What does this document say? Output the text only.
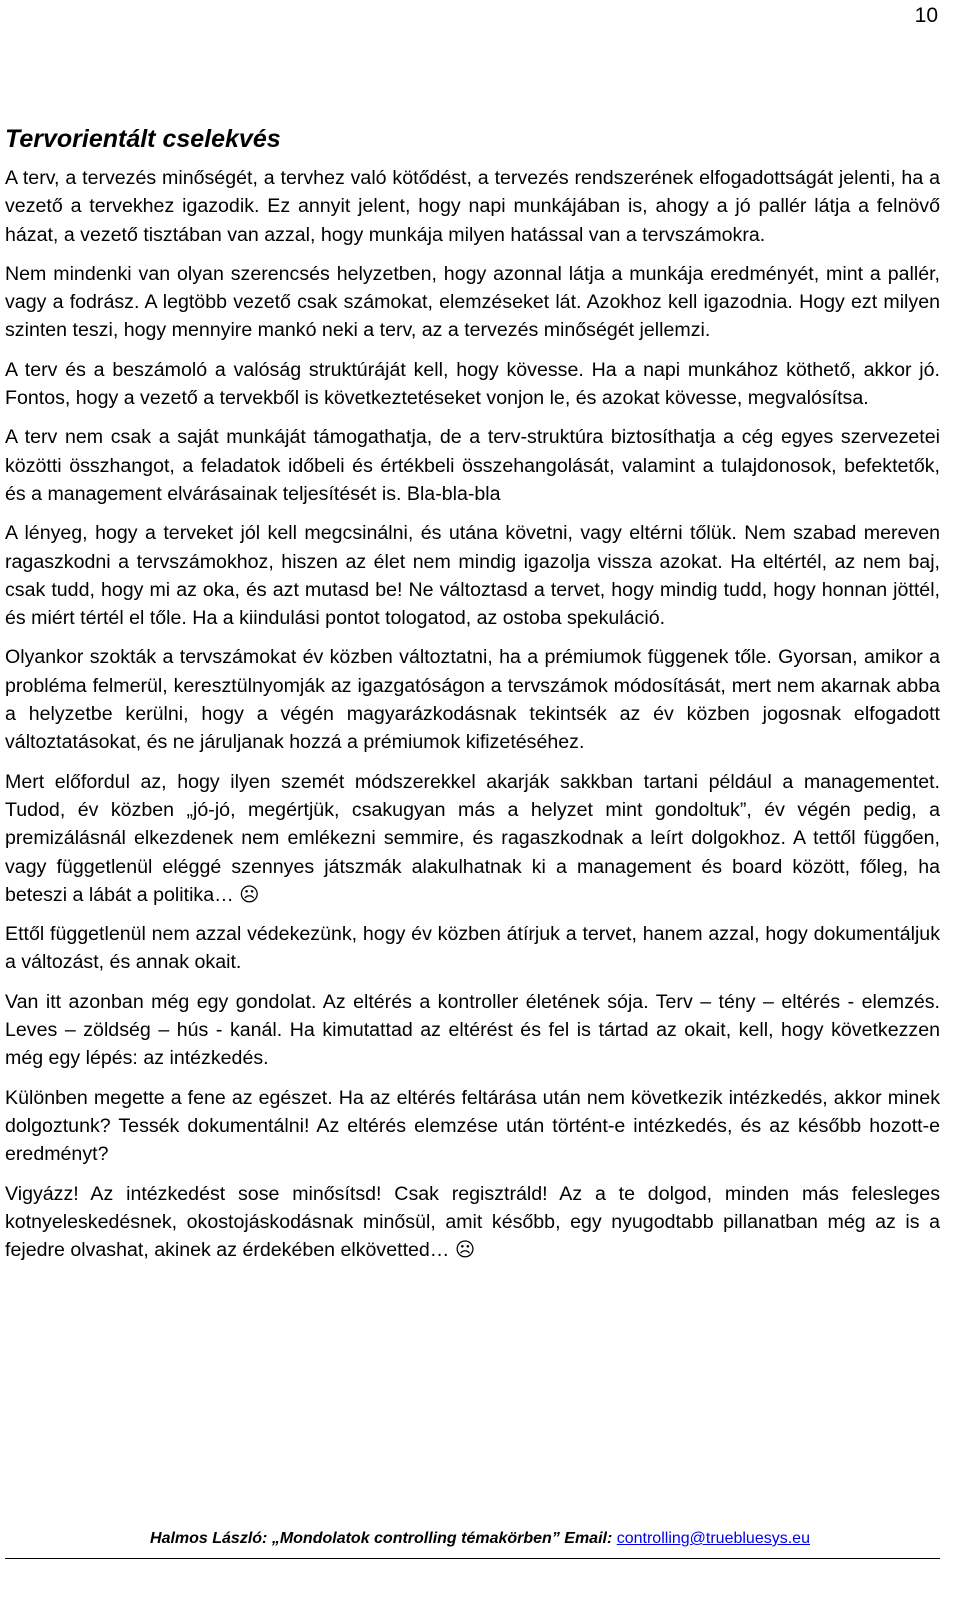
10
Tervorientált cselekvés

A terv, a tervezés minőségét, a tervhez való kötődést, a tervezés rendszerének elfogadottságát jelenti, ha a vezető a tervekhez igazodik. Ez annyit jelent, hogy napi munkájában is, ahogy a jó pallér látja a felnövő házat, a vezető tisztában van azzal, hogy munkája milyen hatással van a tervszámokra.

Nem mindenki van olyan szerencsés helyzetben, hogy azonnal látja a munkája eredményét, mint a pallér, vagy a fodrász. A legtöbb vezető csak számokat, elemzéseket lát. Azokhoz kell igazodnia. Hogy ezt milyen szinten teszi, hogy mennyire mankó neki a terv, az a tervezés minőségét jellemzi.

A terv és a beszámoló a valóság struktúráját kell, hogy kövesse. Ha a napi munkához köthető, akkor jó. Fontos, hogy a vezető a tervekből is következtetéseket vonjon le, és azokat kövesse, megvalósítsa.

A terv nem csak a saját munkáját támogathatja, de a terv-struktúra biztosíthatja a cég egyes szervezetei közötti összhangot, a feladatok időbeli és értékbeli összehangolását, valamint a tulajdonosok, befektetők, és a management elvárásainak teljesítését is. Bla-bla-bla

A lényeg, hogy a terveket jól kell megcsinálni, és utána követni, vagy eltérni tőlük. Nem szabad mereven ragaszkodni a tervszámokhoz, hiszen az élet nem mindig igazolja vissza azokat. Ha eltértél, az nem baj, csak tudd, hogy mi az oka, és azt mutasd be! Ne változtasd a tervet, hogy mindig tudd, hogy honnan jöttél, és miért tértél el tőle. Ha a kiindulási pontot tologatod, az ostoba spekuláció.

Olyankor szokták a tervszámokat év közben változtatni, ha a prémiumok függenek tőle. Gyorsan, amikor a probléma felmerül, keresztülnyomják az igazgatóságon a tervszámok módosítását, mert nem akarnak abba a helyzetbe kerülni, hogy a végén magyarázkodásnak tekintsék az év közben jogosnak elfogadott változtatásokat, és ne járuljanak hozzá a prémiumok kifizetéséhez.

Mert előfordul az, hogy ilyen szemét módszerekkel akarják sakkban tartani például a managementet. Tudod, év közben „jó-jó, megértjük, csakugyan más a helyzet mint gondoltuk”, év végén pedig, a premizálásnál elkezdenek nem emlékezni semmire, és ragaszkodnak a leírt dolgokhoz. A tettől függően, vagy függetlenül eléggé szennyes játszmák alakulhatnak ki a management és board között, főleg, ha beteszi a lábát a politika… ☹

Ettől függetlenül nem azzal védekezünk, hogy év közben átírjuk a tervet, hanem azzal, hogy dokumentáljuk a változást, és annak okait.

Van itt azonban még egy gondolat. Az eltérés a kontroller életének sója. Terv – tény – eltérés - elemzés. Leves – zöldség – hús - kanál. Ha kimutattad az eltérést és fel is tártad az okait, kell, hogy következzen még egy lépés: az intézkedés.

Különben megette a fene az egészet. Ha az eltérés feltárása után nem következik intézkedés, akkor minek dolgoztunk? Tessék dokumentálni! Az eltérés elemzése után történt-e intézkedés, és az később hozott-e eredményt?

Vigyázz! Az intézkedést sose minősítsd! Csak regisztráld! Az a te dolgod, minden más felesleges kotnyeleskedésnek, okostojáskodásnak minősül, amit később, egy nyugodtabb pillanatban még az is a fejedre olvashat, akinek az érdekében elkövetted… ☹

Halmos László: „Mondolatok controlling témakörben” Email: controlling@truebluesys.eu
